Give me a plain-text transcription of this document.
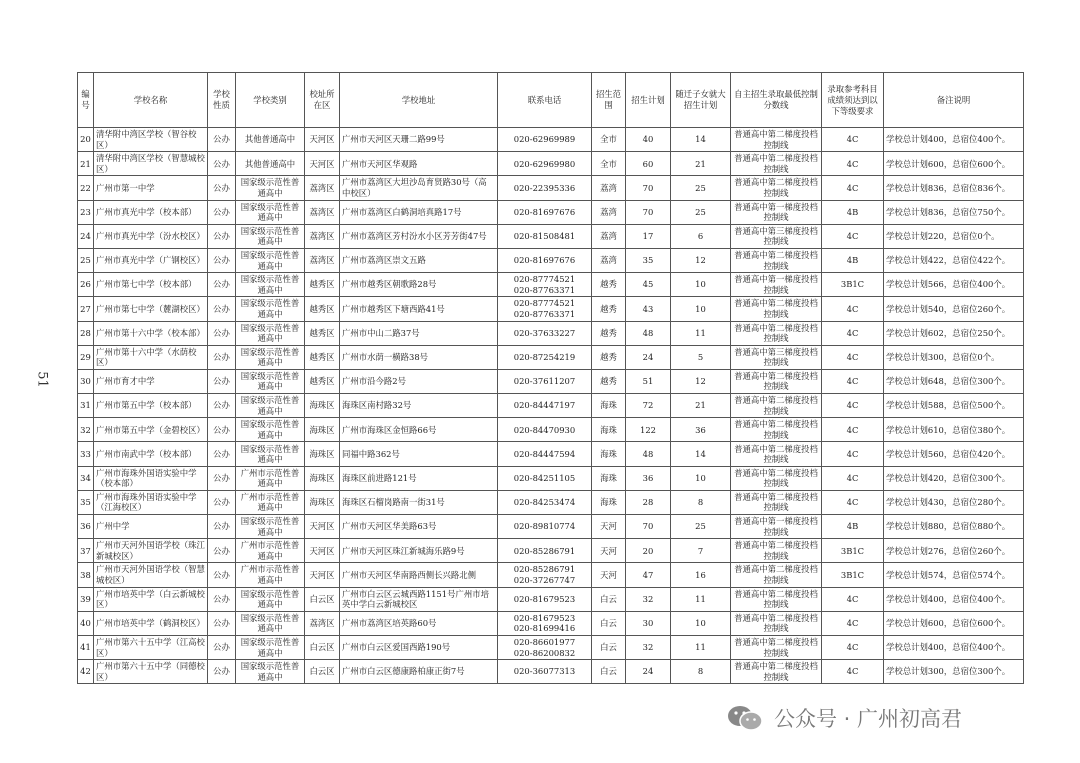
51
编号	学校名称	学校性质	学校类别	校址所在区	学校地址	联系电话	招生范围	招生计划	随迁子女就大招生计划	自主招生录取最低控制分数线	录取参考科目成绩须达到以下等级要求	备注说明
20	清华附中湾区学校（智谷校区）	公办	其他普通高中	天河区	广州市天河区天珊二路99号	020-62969989	全市	40	14	普通高中第二梯度投档控制线	4C	学校总计划400，总宿位400个。
21	清华附中湾区学校（智慧城校区）	公办	其他普通高中	天河区	广州市天河区华观路	020-62969980	全市	60	21	普通高中第二梯度投档控制线	4C	学校总计划600，总宿位600个。
22	广州市第一中学	公办	国家级示范性普通高中	荔湾区	广州市荔湾区大坦沙岛育贤路30号（高中校区）	020-22395336	荔湾	70	25	普通高中第二梯度投档控制线	4C	学校总计划836，总宿位836个。
23	广州市真光中学（校本部）	公办	国家级示范性普通高中	荔湾区	广州市荔湾区白鹤洞培真路17号	020-81697676	荔湾	70	25	普通高中第一梯度投档控制线	4B	学校总计划836，总宿位750个。
24	广州市真光中学（汾水校区）	公办	国家级示范性普通高中	荔湾区	广州市荔湾区芳村汾水小区芳芳街47号	020-81508481	荔湾	17	6	普通高中第三梯度投档控制线	4C	学校总计划220，总宿位0个。
25	广州市真光中学（广钢校区）	公办	国家级示范性普通高中	荔湾区	广州市荔湾区崇文五路	020-81697676	荔湾	35	12	普通高中第二梯度投档控制线	4B	学校总计划422，总宿位422个。
26	广州市第七中学（校本部）	公办	国家级示范性普通高中	越秀区	广州市越秀区朝歌路28号	020-87774521
020-87763371	越秀	45	10	普通高中第一梯度投档控制线	3B1C	学校总计划566，总宿位400个。
27	广州市第七中学（麓湖校区）	公办	国家级示范性普通高中	越秀区	广州市越秀区下塘西路41号	020-87774521
020-87763371	越秀	43	10	普通高中第二梯度投档控制线	4C	学校总计划540，总宿位260个。
28	广州市第十六中学（校本部）	公办	国家级示范性普通高中	越秀区	广州市中山二路37号	020-37633227	越秀	48	11	普通高中第二梯度投档控制线	4C	学校总计划602，总宿位250个。
29	广州市第十六中学（水荫校区）	公办	国家级示范性普通高中	越秀区	广州市水荫一横路38号	020-87254219	越秀	24	5	普通高中第三梯度投档控制线	4C	学校总计划300，总宿位0个。
30	广州市育才中学	公办	国家级示范性普通高中	越秀区	广州市沿今路2号	020-37611207	越秀	51	12	普通高中第二梯度投档控制线	4C	学校总计划648，总宿位300个。
31	广州市第五中学（校本部）	公办	国家级示范性普通高中	海珠区	海珠区南村路32号	020-84447197	海珠	72	21	普通高中第二梯度投档控制线	4C	学校总计划588，总宿位500个。
32	广州市第五中学（金碧校区）	公办	国家级示范性普通高中	海珠区	广州市海珠区金恒路66号	020-84470930	海珠	122	36	普通高中第二梯度投档控制线	4C	学校总计划610，总宿位380个。
33	广州市南武中学（校本部）	公办	国家级示范性普通高中	海珠区	同福中路362号	020-84447594	海珠	48	14	普通高中第二梯度投档控制线	4C	学校总计划560，总宿位420个。
34	广州市海珠外国语实验中学（校本部）	公办	广州市示范性普通高中	海珠区	海珠区前进路121号	020-84251105	海珠	36	10	普通高中第二梯度投档控制线	4C	学校总计划420，总宿位300个。
35	广州市海珠外国语实验中学（江海校区）	公办	广州市示范性普通高中	海珠区	海珠区石榴岗路南一街31号	020-84253474	海珠	28	8	普通高中第二梯度投档控制线	4C	学校总计划430，总宿位280个。
36	广州中学	公办	国家级示范性普通高中	天河区	广州市天河区华美路63号	020-89810774	天河	70	25	普通高中第一梯度投档控制线	4B	学校总计划880，总宿位880个。
37	广州市天河外国语学校（珠江新城校区）	公办	广州市示范性普通高中	天河区	广州市天河区珠江新城海乐路9号	020-85286791	天河	20	7	普通高中第二梯度投档控制线	3B1C	学校总计划276，总宿位260个。
38	广州市天河外国语学校（智慧城校区）	公办	广州市示范性普通高中	天河区	广州市天河区华南路西侧长兴路北侧	020-85286791
020-37267747	天河	47	16	普通高中第二梯度投档控制线	3B1C	学校总计划574，总宿位574个。
39	广州市培英中学（白云新城校区）	公办	国家级示范性普通高中	白云区	广州市白云区云城西路1151号广州市培英中学白云新城校区	020-81679523	白云	32	11	普通高中第二梯度投档控制线	4C	学校总计划400，总宿位400个。
40	广州市培英中学（鹤洞校区）	公办	国家级示范性普通高中	荔湾区	广州市荔湾区培英路60号	020-81679523
020-81699416	白云	30	10	普通高中第二梯度投档控制线	4C	学校总计划600，总宿位600个。
41	广州市第六十五中学（江高校区）	公办	国家级示范性普通高中	白云区	广州市白云区爱国西路190号	020-86601977
020-86200832	白云	32	11	普通高中第二梯度投档控制线	4C	学校总计划400，总宿位400个。
42	广州市第六十五中学（同德校区）	公办	国家级示范性普通高中	白云区	广州市白云区德康路柏康正街7号	020-36077313	白云	24	8	普通高中第二梯度投档控制线	4C	学校总计划300，总宿位300个。
公众号 · 广州初高君
